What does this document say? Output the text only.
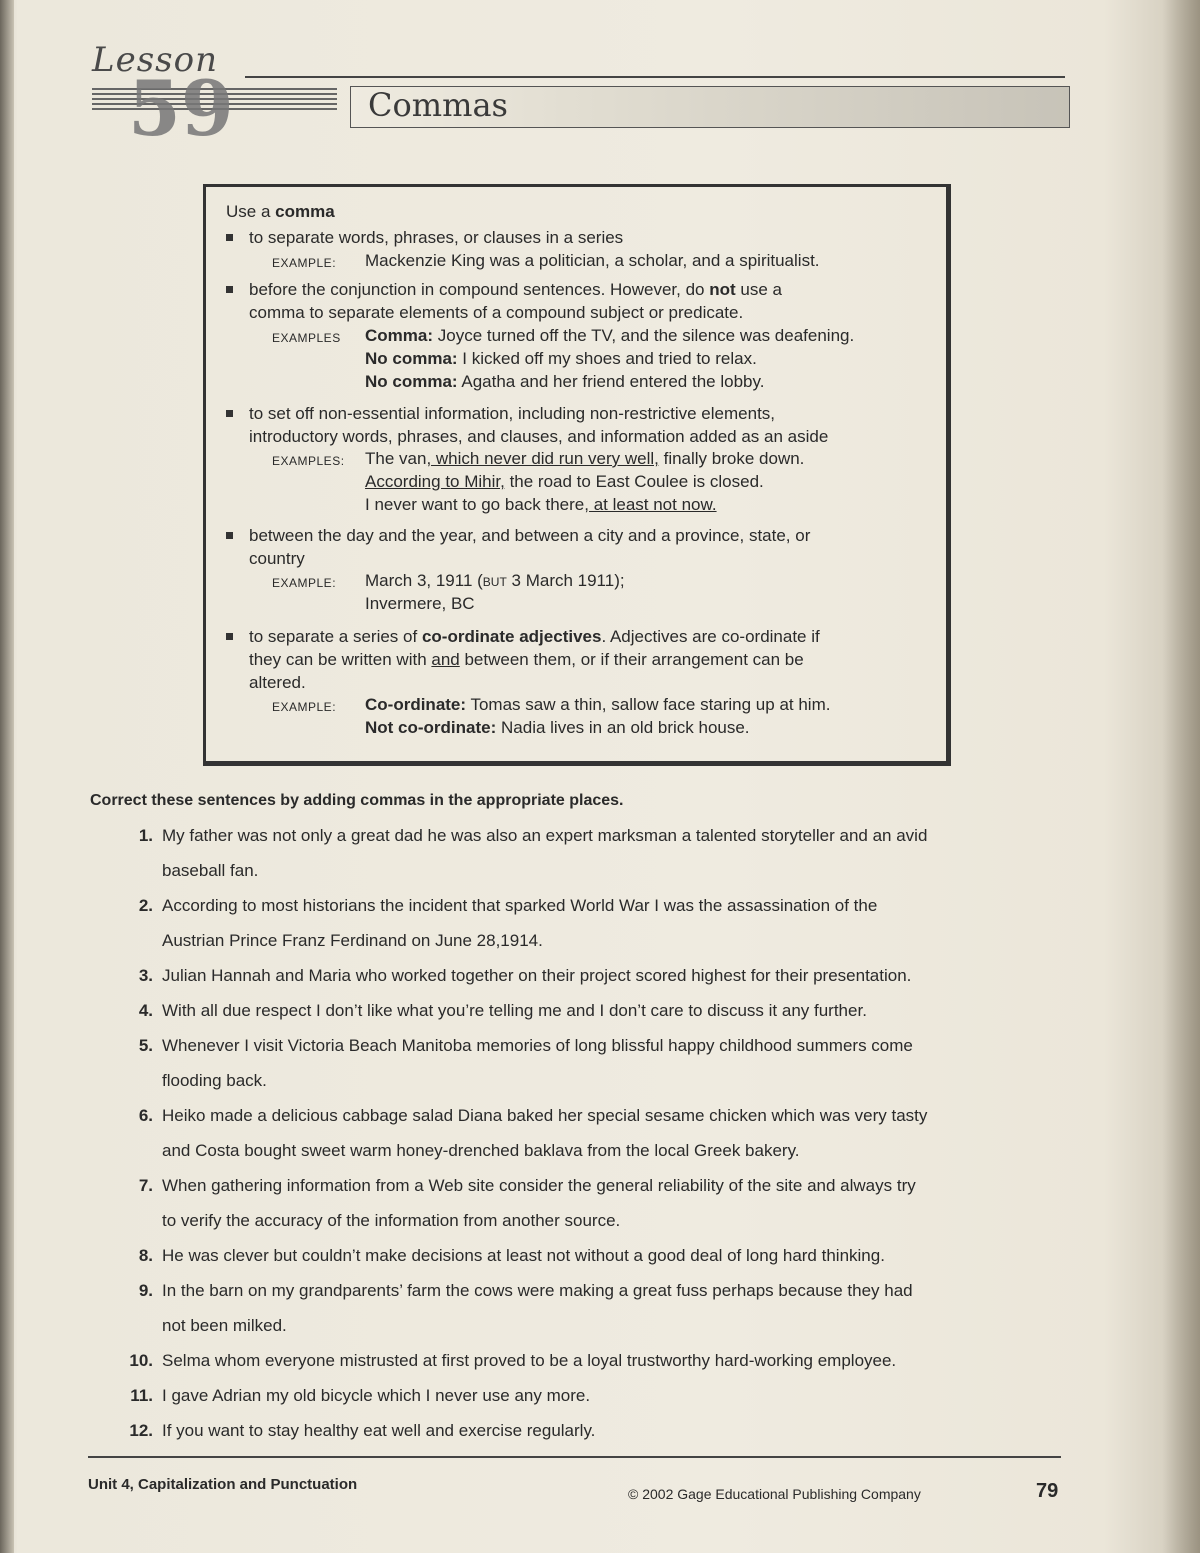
59
Lesson
Commas
Use a comma
to separate words, phrases, or clauses in a series
EXAMPLE: Mackenzie King was a politician, a scholar, and a spiritualist.
before the conjunction in compound sentences. However, do not use a
comma to separate elements of a compound subject or predicate.
EXAMPLES Comma: Joyce turned off the TV, and the silence was deafening.
No comma: I kicked off my shoes and tried to relax.
No comma: Agatha and her friend entered the lobby.
to set off non-essential information, including non-restrictive elements,
introductory words, phrases, and clauses, and information added as an aside
EXAMPLES: The van, which never did run very well, finally broke down.
According to Mihir, the road to East Coulee is closed.
I never want to go back there, at least not now.
between the day and the year, and between a city and a province, state, or
country
EXAMPLE: March 3, 1911 (BUT 3 March 1911);
Invermere, BC
to separate a series of co-ordinate adjectives. Adjectives are co-ordinate if
they can be written with and between them, or if their arrangement can be
altered.
EXAMPLE: Co-ordinate: Tomas saw a thin, sallow face staring up at him.
Not co-ordinate: Nadia lives in an old brick house.
Correct these sentences by adding commas in the appropriate places.
1. My father was not only a great dad he was also an expert marksman a talented storyteller and an avid
baseball fan.
2. According to most historians the incident that sparked World War I was the assassination of the
Austrian Prince Franz Ferdinand on June 28,1914.
3. Julian Hannah and Maria who worked together on their project scored highest for their presentation.
4. With all due respect I don’t like what you’re telling me and I don’t care to discuss it any further.
5. Whenever I visit Victoria Beach Manitoba memories of long blissful happy childhood summers come
flooding back.
6. Heiko made a delicious cabbage salad Diana baked her special sesame chicken which was very tasty
and Costa bought sweet warm honey-drenched baklava from the local Greek bakery.
7. When gathering information from a Web site consider the general reliability of the site and always try
to verify the accuracy of the information from another source.
8. He was clever but couldn’t make decisions at least not without a good deal of long hard thinking.
9. In the barn on my grandparents’ farm the cows were making a great fuss perhaps because they had
not been milked.
10. Selma whom everyone mistrusted at first proved to be a loyal trustworthy hard-working employee.
11. I gave Adrian my old bicycle which I never use any more.
12. If you want to stay healthy eat well and exercise regularly.
Unit 4, Capitalization and Punctuation
© 2002 Gage Educational Publishing Company	79
